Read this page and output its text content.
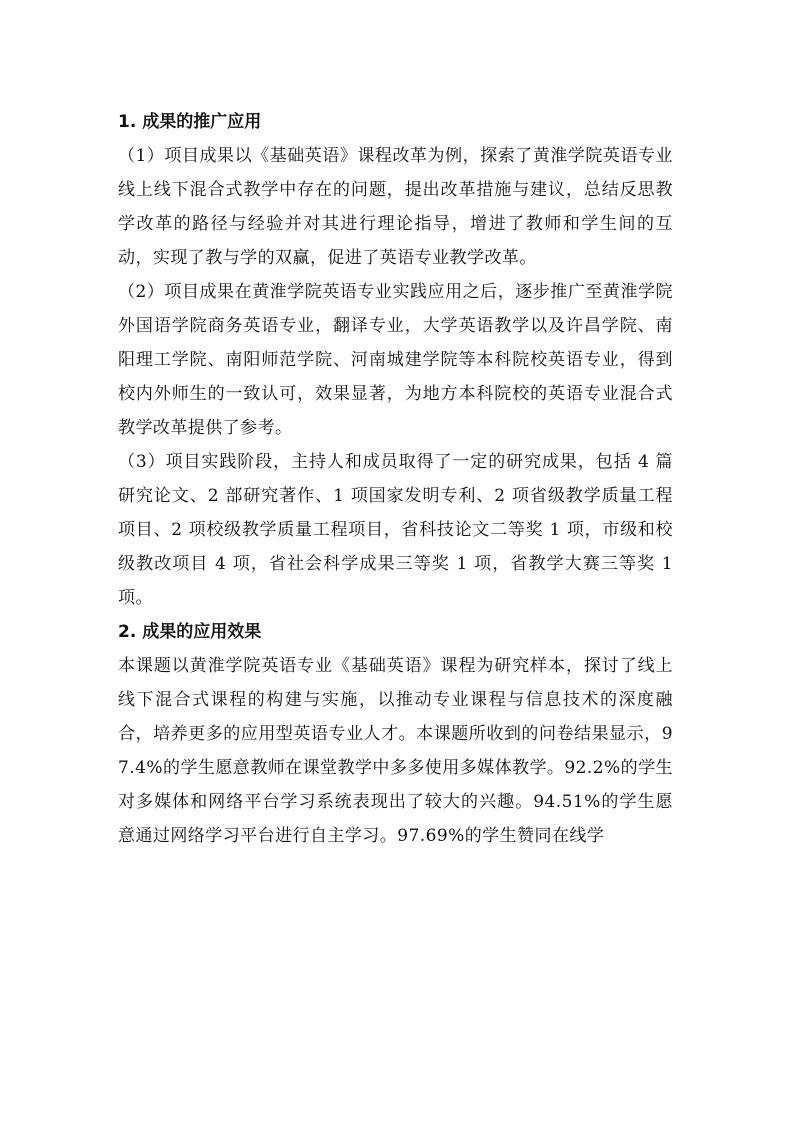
1. 成果的推广应用

（1）项目成果以《基础英语》课程改革为例，探索了黄淮学院英语专业线上线下混合式教学中存在的问题，提出改革措施与建议，总结反思教学改革的路径与经验并对其进行理论指导，增进了教师和学生间的互动，实现了教与学的双赢，促进了英语专业教学改革。

（2）项目成果在黄淮学院英语专业实践应用之后，逐步推广至黄淮学院外国语学院商务英语专业，翻译专业，大学英语教学以及许昌学院、南阳理工学院、南阳师范学院、河南城建学院等本科院校英语专业，得到校内外师生的一致认可，效果显著，为地方本科院校的英语专业混合式教学改革提供了参考。

（3）项目实践阶段，主持人和成员取得了一定的研究成果，包括 4 篇研究论文、2 部研究著作、1 项国家发明专利、2 项省级教学质量工程项目、2 项校级教学质量工程项目，省科技论文二等奖 1 项，市级和校级教改项目 4 项，省社会科学成果三等奖 1 项，省教学大赛三等奖 1 项。

2. 成果的应用效果

本课题以黄淮学院英语专业《基础英语》课程为研究样本，探讨了线上线下混合式课程的构建与实施，以推动专业课程与信息技术的深度融合，培养更多的应用型英语专业人才。本课题所收到的问卷结果显示，97.4%的学生愿意教师在课堂教学中多多使用多媒体教学。92.2%的学生对多媒体和网络平台学习系统表现出了较大的兴趣。94.51%的学生愿意通过网络学习平台进行自主学习。97.69%的学生赞同在线学
